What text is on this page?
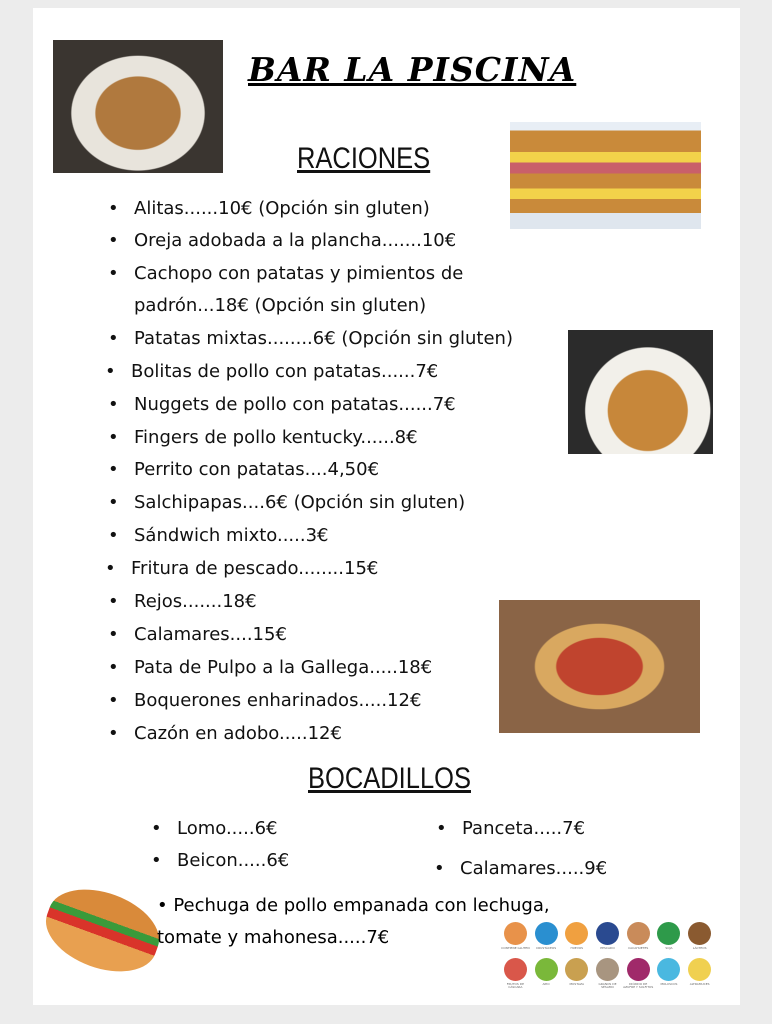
BAR LA PISCINA
RACIONES
BOCADILLOS
• Alitas......10€ (Opción sin gluten)
• Oreja adobada a la plancha.......10€
• Cachopo con patatas y pimientos de
padrón...18€ (Opción sin gluten)
• Patatas mixtas........6€ (Opción sin gluten)
• Bolitas de pollo con patatas......7€
• Nuggets de pollo con patatas......7€
• Fingers de pollo kentucky......8€
• Perrito con patatas....4,50€
• Salchipapas....6€ (Opción sin gluten)
• Sándwich mixto.....3€
• Fritura de pescado........15€
• Rejos.......18€
• Calamares....15€
• Pata de Pulpo a la Gallega.....18€
• Boquerones enharinados.....12€
• Cazón en adobo.....12€
• Lomo.....6€
• Beicon.....6€
• Panceta.....7€
• Calamares.....9€
• Pechuga de pollo empanada con lechuga,
tomate y mahonesa.....7€	CONTIENE GLUTEN CRUSTÁCEOS	HUEVOS	PESCADO	CACAHUETES	SOJA	LÁCTEOS
FRUTOS DE CÁSCARA
APIO	MOSTAZA	GRANOS DE SÉSAMO
DIÓXIDO DE AZUFRE Y SULFITOS
MOLUSCOS	ALTRAMUCES
